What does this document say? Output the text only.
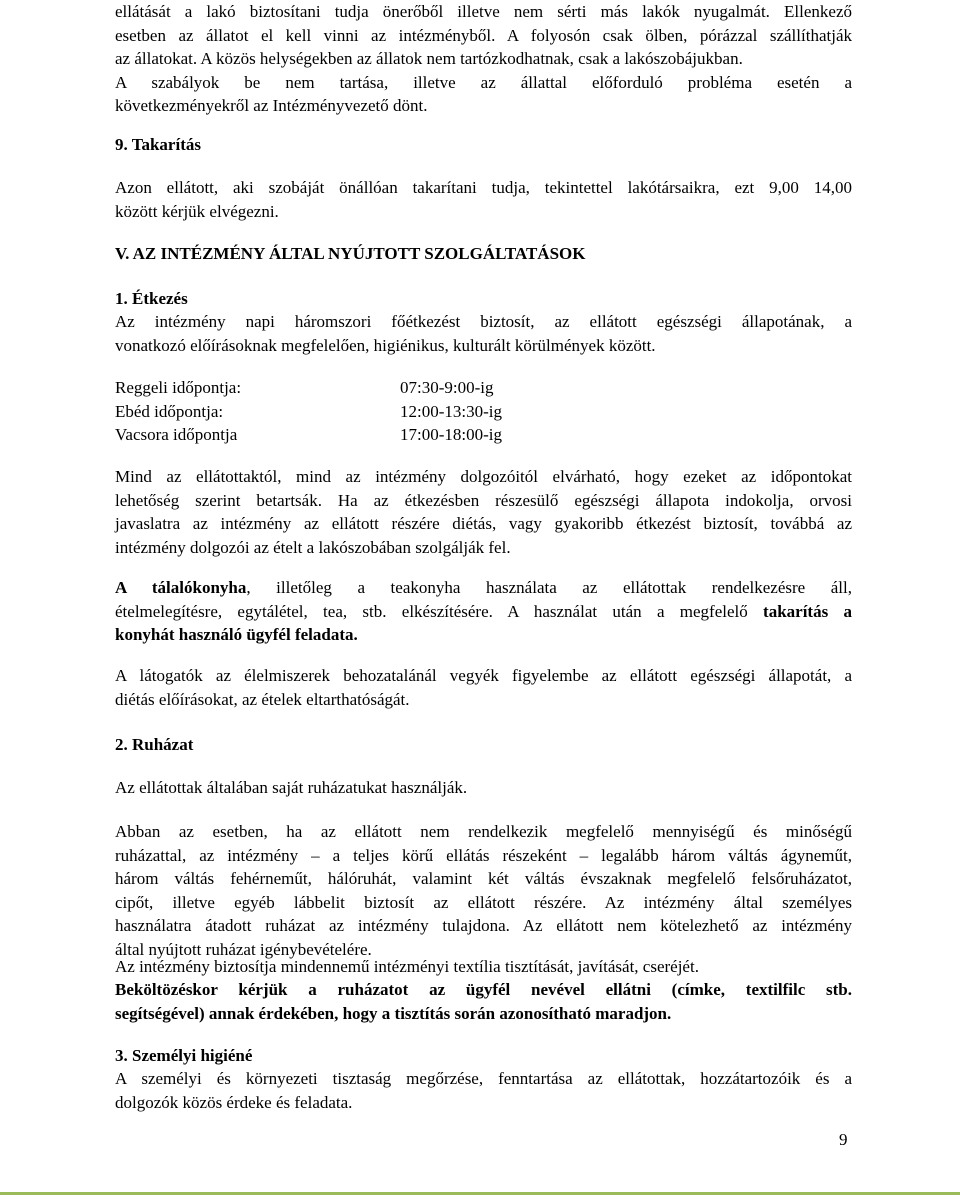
ellátását a lakó biztosítani tudja önerőből illetve nem sérti más lakók nyugalmát. Ellenkező
esetben az állatot el kell vinni az intézményből. A folyosón csak ölben, pórázzal szállíthatják
az állatokat. A közös helységekben az állatok nem tartózkodhatnak, csak a lakószobájukban.
A szabályok be nem tartása, illetve az állattal előforduló probléma esetén a
következményekről az Intézményvezető dönt.

9. Takarítás

Azon ellátott, aki szobáját önállóan takarítani tudja, tekintettel lakótársaikra, ezt 9,00 14,00
között kérjük elvégezni.

V. AZ INTÉZMÉNY ÁLTAL NYÚJTOTT SZOLGÁLTATÁSOK
1. Étkezés

Az intézmény napi háromszori főétkezést biztosít, az ellátott egészségi állapotának, a
vonatkozó előírásoknak megfelelően, higiénikus, kulturált körülmények között.

Reggeli időpontja:	07:30-9:00-ig
Ebéd időpontja:	12:00-13:30-ig
Vacsora időpontja	17:00-18:00-ig

Mind az ellátottaktól, mind az intézmény dolgozóitól elvárható, hogy ezeket az időpontokat
lehetőség szerint betartsák. Ha az étkezésben részesülő egészségi állapota indokolja, orvosi
javaslatra az intézmény az ellátott részére diétás, vagy gyakoribb étkezést biztosít, továbbá az
intézmény dolgozói az ételt a lakószobában szolgálják fel.

A tálalókonyha, illetőleg a teakonyha használata az ellátottak rendelkezésre áll,
ételmelegítésre, egytálétel, tea, stb. elkészítésére. A használat után a megfelelő takarítás a
konyhát használó ügyfél feladata.

A látogatók az élelmiszerek behozatalánál vegyék figyelembe az ellátott egészségi állapotát, a
diétás előírásokat, az ételek eltarthatóságát.

2. Ruházat

Az ellátottak általában saját ruházatukat használják.

Abban az esetben, ha az ellátott nem rendelkezik megfelelő mennyiségű és minőségű
ruházattal, az intézmény – a teljes körű ellátás részeként – legalább három váltás ágyneműt,
három váltás fehérneműt, hálóruhát, valamint két váltás évszaknak megfelelő felsőruházatot,
cipőt, illetve egyéb lábbelit biztosít az ellátott részére. Az intézmény által személyes
használatra átadott ruházat az intézmény tulajdona. Az ellátott nem kötelezhető az intézmény
által nyújtott ruházat igénybevételére.

Az intézmény biztosítja mindennemű intézményi textília tisztítását, javítását, cseréjét.

Beköltözéskor kérjük a ruházatot az ügyfél nevével ellátni (címke, textilfilc stb.
segítségével) annak érdekében, hogy a tisztítás során azonosítható maradjon.

3. Személyi higiéné

A személyi és környezeti tisztaság megőrzése, fenntartása az ellátottak, hozzátartozóik és a
dolgozók közös érdeke és feladata.

9
